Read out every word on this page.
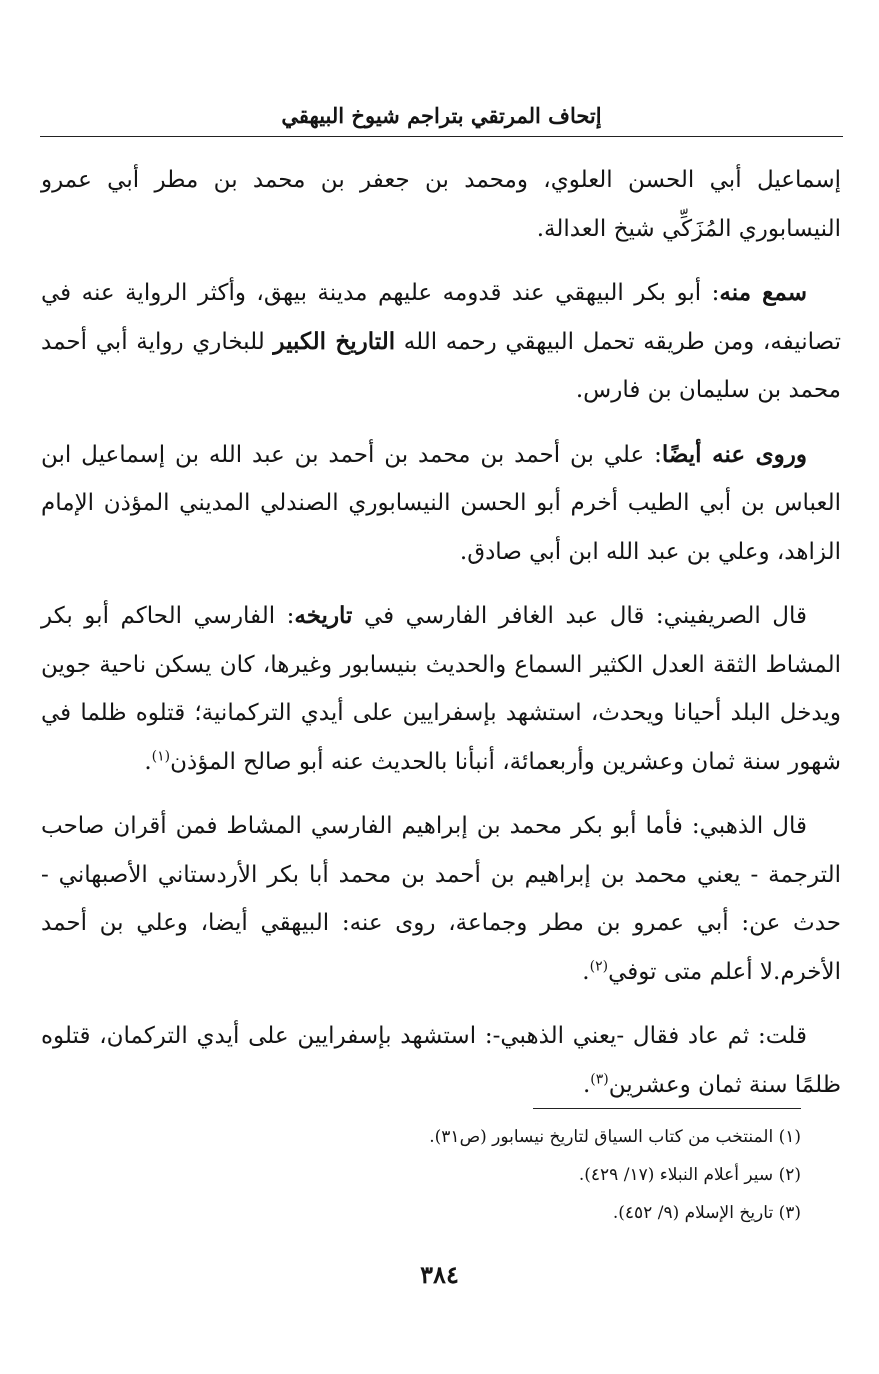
إتحاف المرتقي بتراجم شيوخ البيهقي

إسماعيل أبي الحسن العلوي، ومحمد بن جعفر بن محمد بن مطر أبي عمرو النيسابوري المُزَكِّي شيخ العدالة.

سمع منه: أبو بكر البيهقي عند قدومه عليهم مدينة بيهق، وأكثر الرواية عنه في تصانيفه، ومن طريقه تحمل البيهقي رحمه الله التاريخ الكبير للبخاري رواية أبي أحمد محمد بن سليمان بن فارس.

وروى عنه أيضًا: علي بن أحمد بن محمد بن أحمد بن عبد الله بن إسماعيل ابن العباس بن أبي الطيب أخرم أبو الحسن النيسابوري الصندلي المديني المؤذن الإمام الزاهد، وعلي بن عبد الله ابن أبي صادق.

قال الصريفيني: قال عبد الغافر الفارسي في تاريخه: الفارسي الحاكم أبو بكر المشاط الثقة العدل الكثير السماع والحديث بنيسابور وغيرها، كان يسكن ناحية جوين ويدخل البلد أحيانا ويحدث، استشهد بإسفرايين على أيدي التركمانية؛ قتلوه ظلما في شهور سنة ثمان وعشرين وأربعمائة، أنبأنا بالحديث عنه أبو صالح المؤذن$^{(١)}$.

قال الذهبي: فأما أبو بكر محمد بن إبراهيم الفارسي المشاط فمن أقران صاحب الترجمة - يعني محمد بن إبراهيم بن أحمد بن محمد أبا بكر الأردستاني الأصبهاني - حدث عن: أبي عمرو بن مطر وجماعة، روى عنه: البيهقي أيضا، وعلي بن أحمد الأخرم.لا أعلم متى توفي$^{(٢)}$.

قلت: ثم عاد فقال -يعني الذهبي-: استشهد بإسفرايين على أيدي التركمان، قتلوه ظلمًا سنة ثمان وعشرين$^{(٣)}$.

(١) المنتخب من كتاب السياق لتاريخ نيسابور (ص٣١).

(٢) سير أعلام النبلاء (١٧/ ٤٢٩).

(٣) تاريخ الإسلام (٩/ ٤٥٢).

٣٨٤
